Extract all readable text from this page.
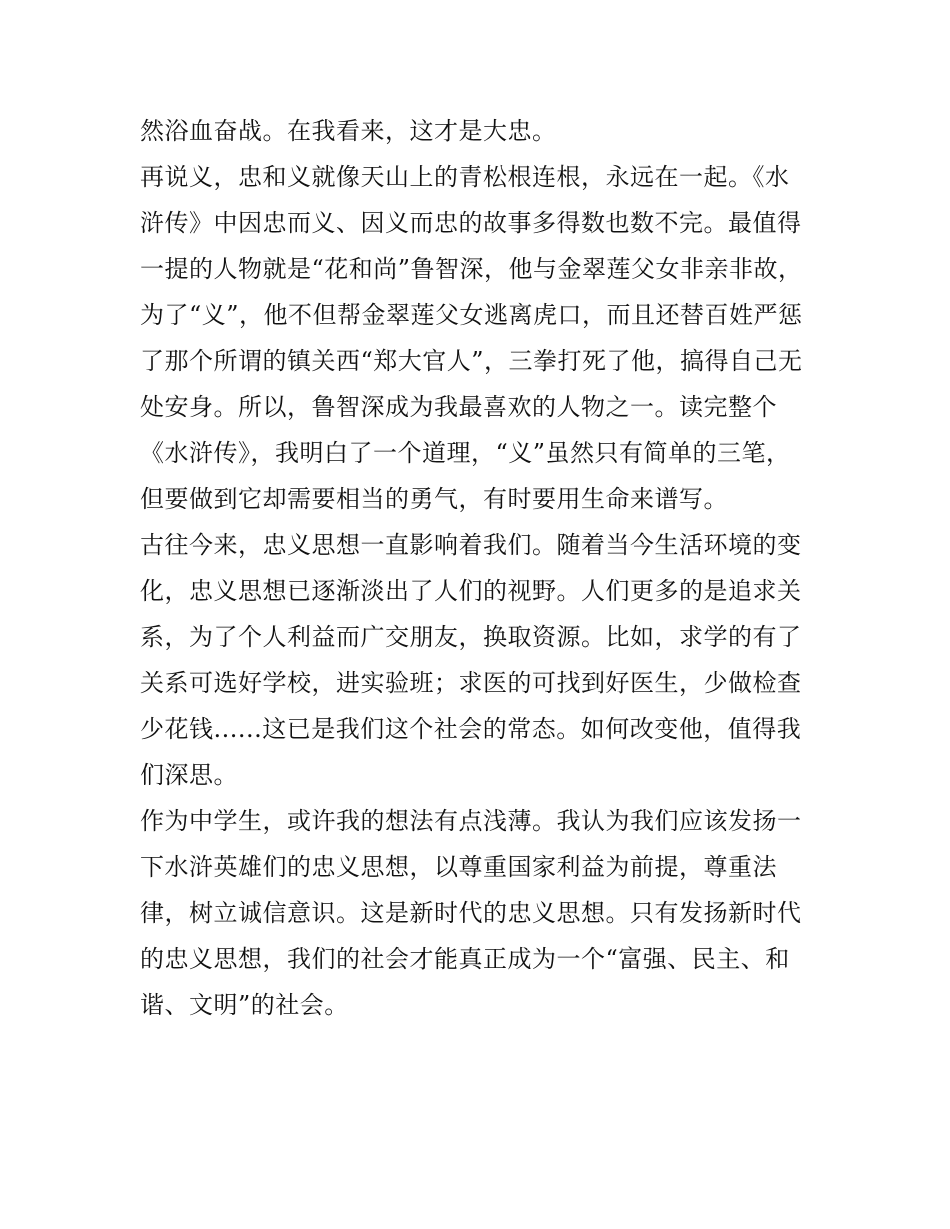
然浴血奋战。在我看来，这才是大忠。
再说义，忠和义就像天山上的青松根连根，永远在一起。《水
浒传》中因忠而义、因义而忠的故事多得数也数不完。最值得
一提的人物就是“花和尚”鲁智深，他与金翠莲父女非亲非故，
为了“义”，他不但帮金翠莲父女逃离虎口，而且还替百姓严惩
了那个所谓的镇关西“郑大官人”，三拳打死了他，搞得自己无
处安身。所以，鲁智深成为我最喜欢的人物之一。读完整个
《水浒传》，我明白了一个道理，“义”虽然只有简单的三笔，
但要做到它却需要相当的勇气，有时要用生命来谱写。
古往今来，忠义思想一直影响着我们。随着当今生活环境的变
化，忠义思想已逐渐淡出了人们的视野。人们更多的是追求关
系，为了个人利益而广交朋友，换取资源。比如，求学的有了
关系可选好学校，进实验班；求医的可找到好医生，少做检查
少花钱......这已是我们这个社会的常态。如何改变他，值得我
们深思。
作为中学生，或许我的想法有点浅薄。我认为我们应该发扬一
下水浒英雄们的忠义思想，以尊重国家利益为前提，尊重法
律，树立诚信意识。这是新时代的忠义思想。只有发扬新时代
的忠义思想，我们的社会才能真正成为一个“富强、民主、和
谐、文明”的社会。
